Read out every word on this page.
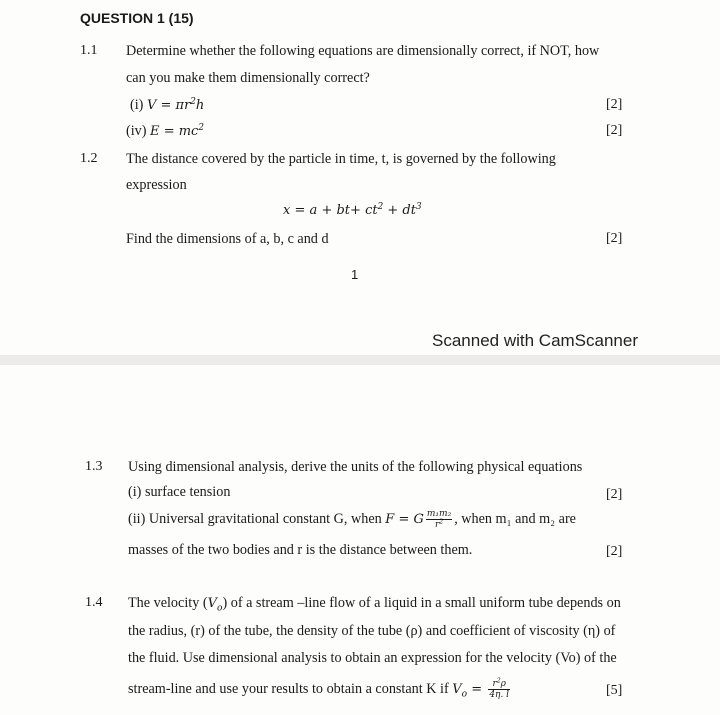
QUESTION 1 (15)
1.1 Determine whether the following equations are dimensionally correct, if NOT, how
can you make them dimensionally correct?
(i) $V = \pi r^2h$	[2]
(iv) $E = mc^2$	[2]
1.2 The distance covered by the particle in time, t, is governed by the following
expression
$x = a + bt+ ct^2 + dt^3$
Find the dimensions of a, b, c and d	[2]
1
Scanned with CamScanner
1.3 Using dimensional analysis, derive the units of the following physical equations
(i) surface tension	[2]
(ii) Universal gravitational constant G, when F = G $\frac{\text{m₁m₂}}{r^2}$ , when m₁ and m₂ are
masses of the two bodies and r is the distance between them.	[2]
1.4 The velocity $(V_o)$ of a stream –line flow of a liquid in a small uniform tube depends on
the radius, (r) of the tube, the density of the tube (ρ) and coefficient of viscosity (η) of
the fluid. Use dimensional analysis to obtain an expression for the velocity (Vo) of the
stream-line and use your results to obtain a constant K if $V_o = \frac{r^2\rho}{4\eta. l}$	[5]
